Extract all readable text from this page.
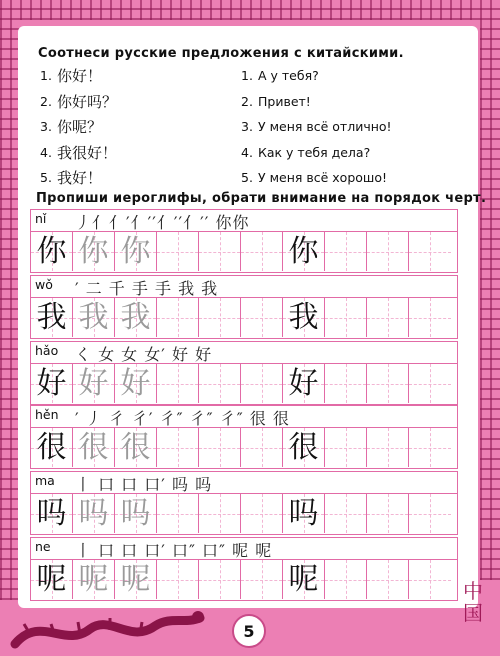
Соотнеси русские предложения с китайскими.
1. 你好！
2. 你好吗？
3. 你呢？
4. 我很好！
5. 我好！
1. А у тебя?
2. Привет!
3. У меня всё отлично!
4. Как у тебя дела?
5. У меня всё хорошо!
Пропиши иероглифы, обрати внимание на порядок черт.
nǐ 丿亻亻′亻′′亻′′亻′′ 你你
你 你 你	你
wǒ ′ 二 千 手 手 我 我
我 我 我	我
hǎo く 女 女 女′ 好 好
好 好 好	好
hěn ′ 丿 彳 彳′ 彳″ 彳″ 彳″ 很 很
很 很 很	很
ma 丨 口 口 口′ 吗 吗
吗 吗 吗	吗
ne 丨 口 口 口′ 口″ 口″ 呢 呢
呢 呢 呢	呢
5
中国
